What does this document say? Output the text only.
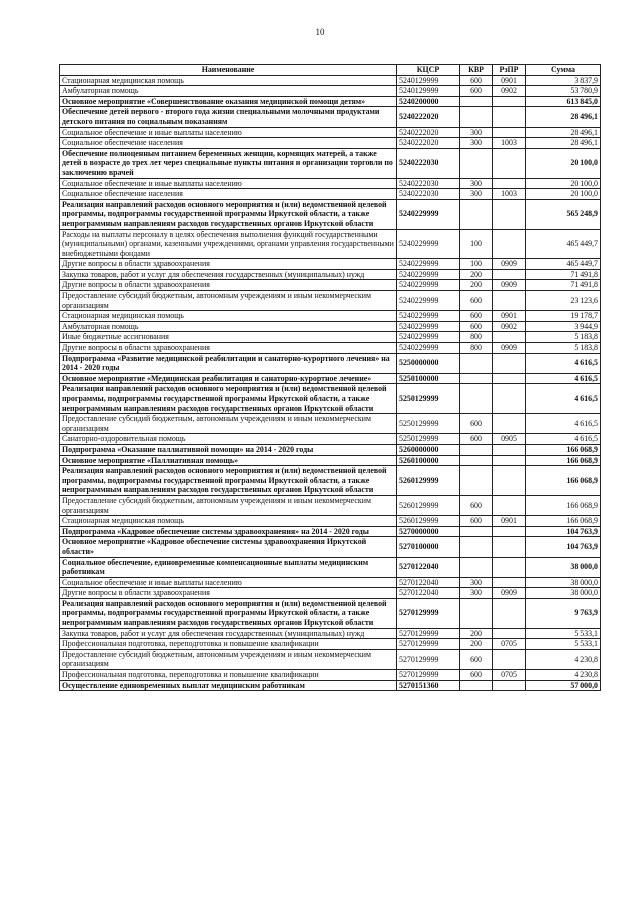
10
Наименование	КЦСР	КВР	РзПР	Сумма
Стационарная медицинская помощь	5240129999	600	0901	3 837,9
Амбулаторная помощь	5240129999	600	0902	53 780,9
Основное мероприятие «Совершенствование оказания медицинской помощи детям»	5240200000			613 845,0
Обеспечение детей первого - второго года жизни специальными молочными продуктами детского питания по социальным показаниям	5240222020			28 496,1
Социальное обеспечение и иные выплаты населению	5240222020	300		28 496,1
Социальное обеспечение населения	5240222020	300	1003	28 496,1
Обеспечение полноценным питанием беременных женщин, кормящих матерей, а также детей в возрасте до трех лет через специальные пункты питания и организации торговли по заключению врачей	5240222030			20 100,0
Социальное обеспечение и иные выплаты населению	5240222030	300		20 100,0
Социальное обеспечение населения	5240222030	300	1003	20 100,0
Реализация направлений расходов основного мероприятия и (или) ведомственной целевой программы, подпрограммы государственной программы Иркутской области, а также непрограммным направлениям расходов государственных органов Иркутской области	5240229999			565 248,9
Расходы на выплаты персоналу в целях обеспечения выполнения функций государственными (муниципальными) органами, казенными учреждениями, органами управления государственными внебюджетными фондами	5240229999	100		465 449,7
Другие вопросы в области здравоохранения	5240229999	100	0909	465 449,7
Закупка товаров, работ и услуг для обеспечения государственных (муниципальных) нужд	5240229999	200		71 491,8
Другие вопросы в области здравоохранения	5240229999	200	0909	71 491,8
Предоставление субсидий бюджетным, автономным учреждениям и иным некоммерческим организациям	5240229999	600		23 123,6
Стационарная медицинская помощь	5240229999	600	0901	19 178,7
Амбулаторная помощь	5240229999	600	0902	3 944,9
Иные бюджетные ассигнования	5240229999	800		5 183,8
Другие вопросы в области здравоохранения	5240229999	800	0909	5 183,8
Подпрограмма «Развитие медицинской реабилитации и санаторно-курортного лечения» на 2014 - 2020 годы	5250000000			4 616,5
Основное мероприятие «Медицинская реабилитация и санаторно-курортное лечение»	5250100000			4 616,5
Реализация направлений расходов основного мероприятия и (или) ведомственной целевой программы, подпрограммы государственной программы Иркутской области, а также непрограммным направлениям расходов государственных органов Иркутской области	5250129999			4 616,5
Предоставление субсидий бюджетным, автономным учреждениям и иным некоммерческим организациям	5250129999	600		4 616,5
Санаторно-оздоровительная помощь	5250129999	600	0905	4 616,5
Подпрограмма «Оказание паллиативной помощи» на 2014 - 2020 годы	5260000000			166 068,9
Основное мероприятие «Паллиативная помощь»	5260100000			166 068,9
Реализация направлений расходов основного мероприятия и (или) ведомственной целевой программы, подпрограммы государственной программы Иркутской области, а также непрограммным направлениям расходов государственных органов Иркутской области	5260129999			166 068,9
Предоставление субсидий бюджетным, автономным учреждениям и иным некоммерческим организациям	5260129999	600		166 068,9
Стационарная медицинская помощь	5260129999	600	0901	166 068,9
Подпрограмма «Кадровое обеспечение системы здравоохранения» на 2014 - 2020 годы	5270000000			104 763,9
Основное мероприятие «Кадровое обеспечение системы здравоохранения Иркутской области»	5270100000			104 763,9
Социальное обеспечение, единовременные компенсационные выплаты медицинским работникам	5270122040			38 000,0
Социальное обеспечение и иные выплаты населению	5270122040	300		38 000,0
Другие вопросы в области здравоохранения	5270122040	300	0909	38 000,0
Реализация направлений расходов основного мероприятия и (или) ведомственной целевой программы, подпрограммы государственной программы Иркутской области, а также непрограммным направлениям расходов государственных органов Иркутской области	5270129999			9 763,9
Закупка товаров, работ и услуг для обеспечения государственных (муниципальных) нужд	5270129999	200		5 533,1
Профессиональная подготовка, переподготовка и повышение квалификации	5270129999	200	0705	5 533,1
Предоставление субсидий бюджетным, автономным учреждениям и иным некоммерческим организациям	5270129999	600		4 230,8
Профессиональная подготовка, переподготовка и повышение квалификации	5270129999	600	0705	4 230,8
Осуществление единовременных выплат медицинским работникам	5270151360			57 000,0
